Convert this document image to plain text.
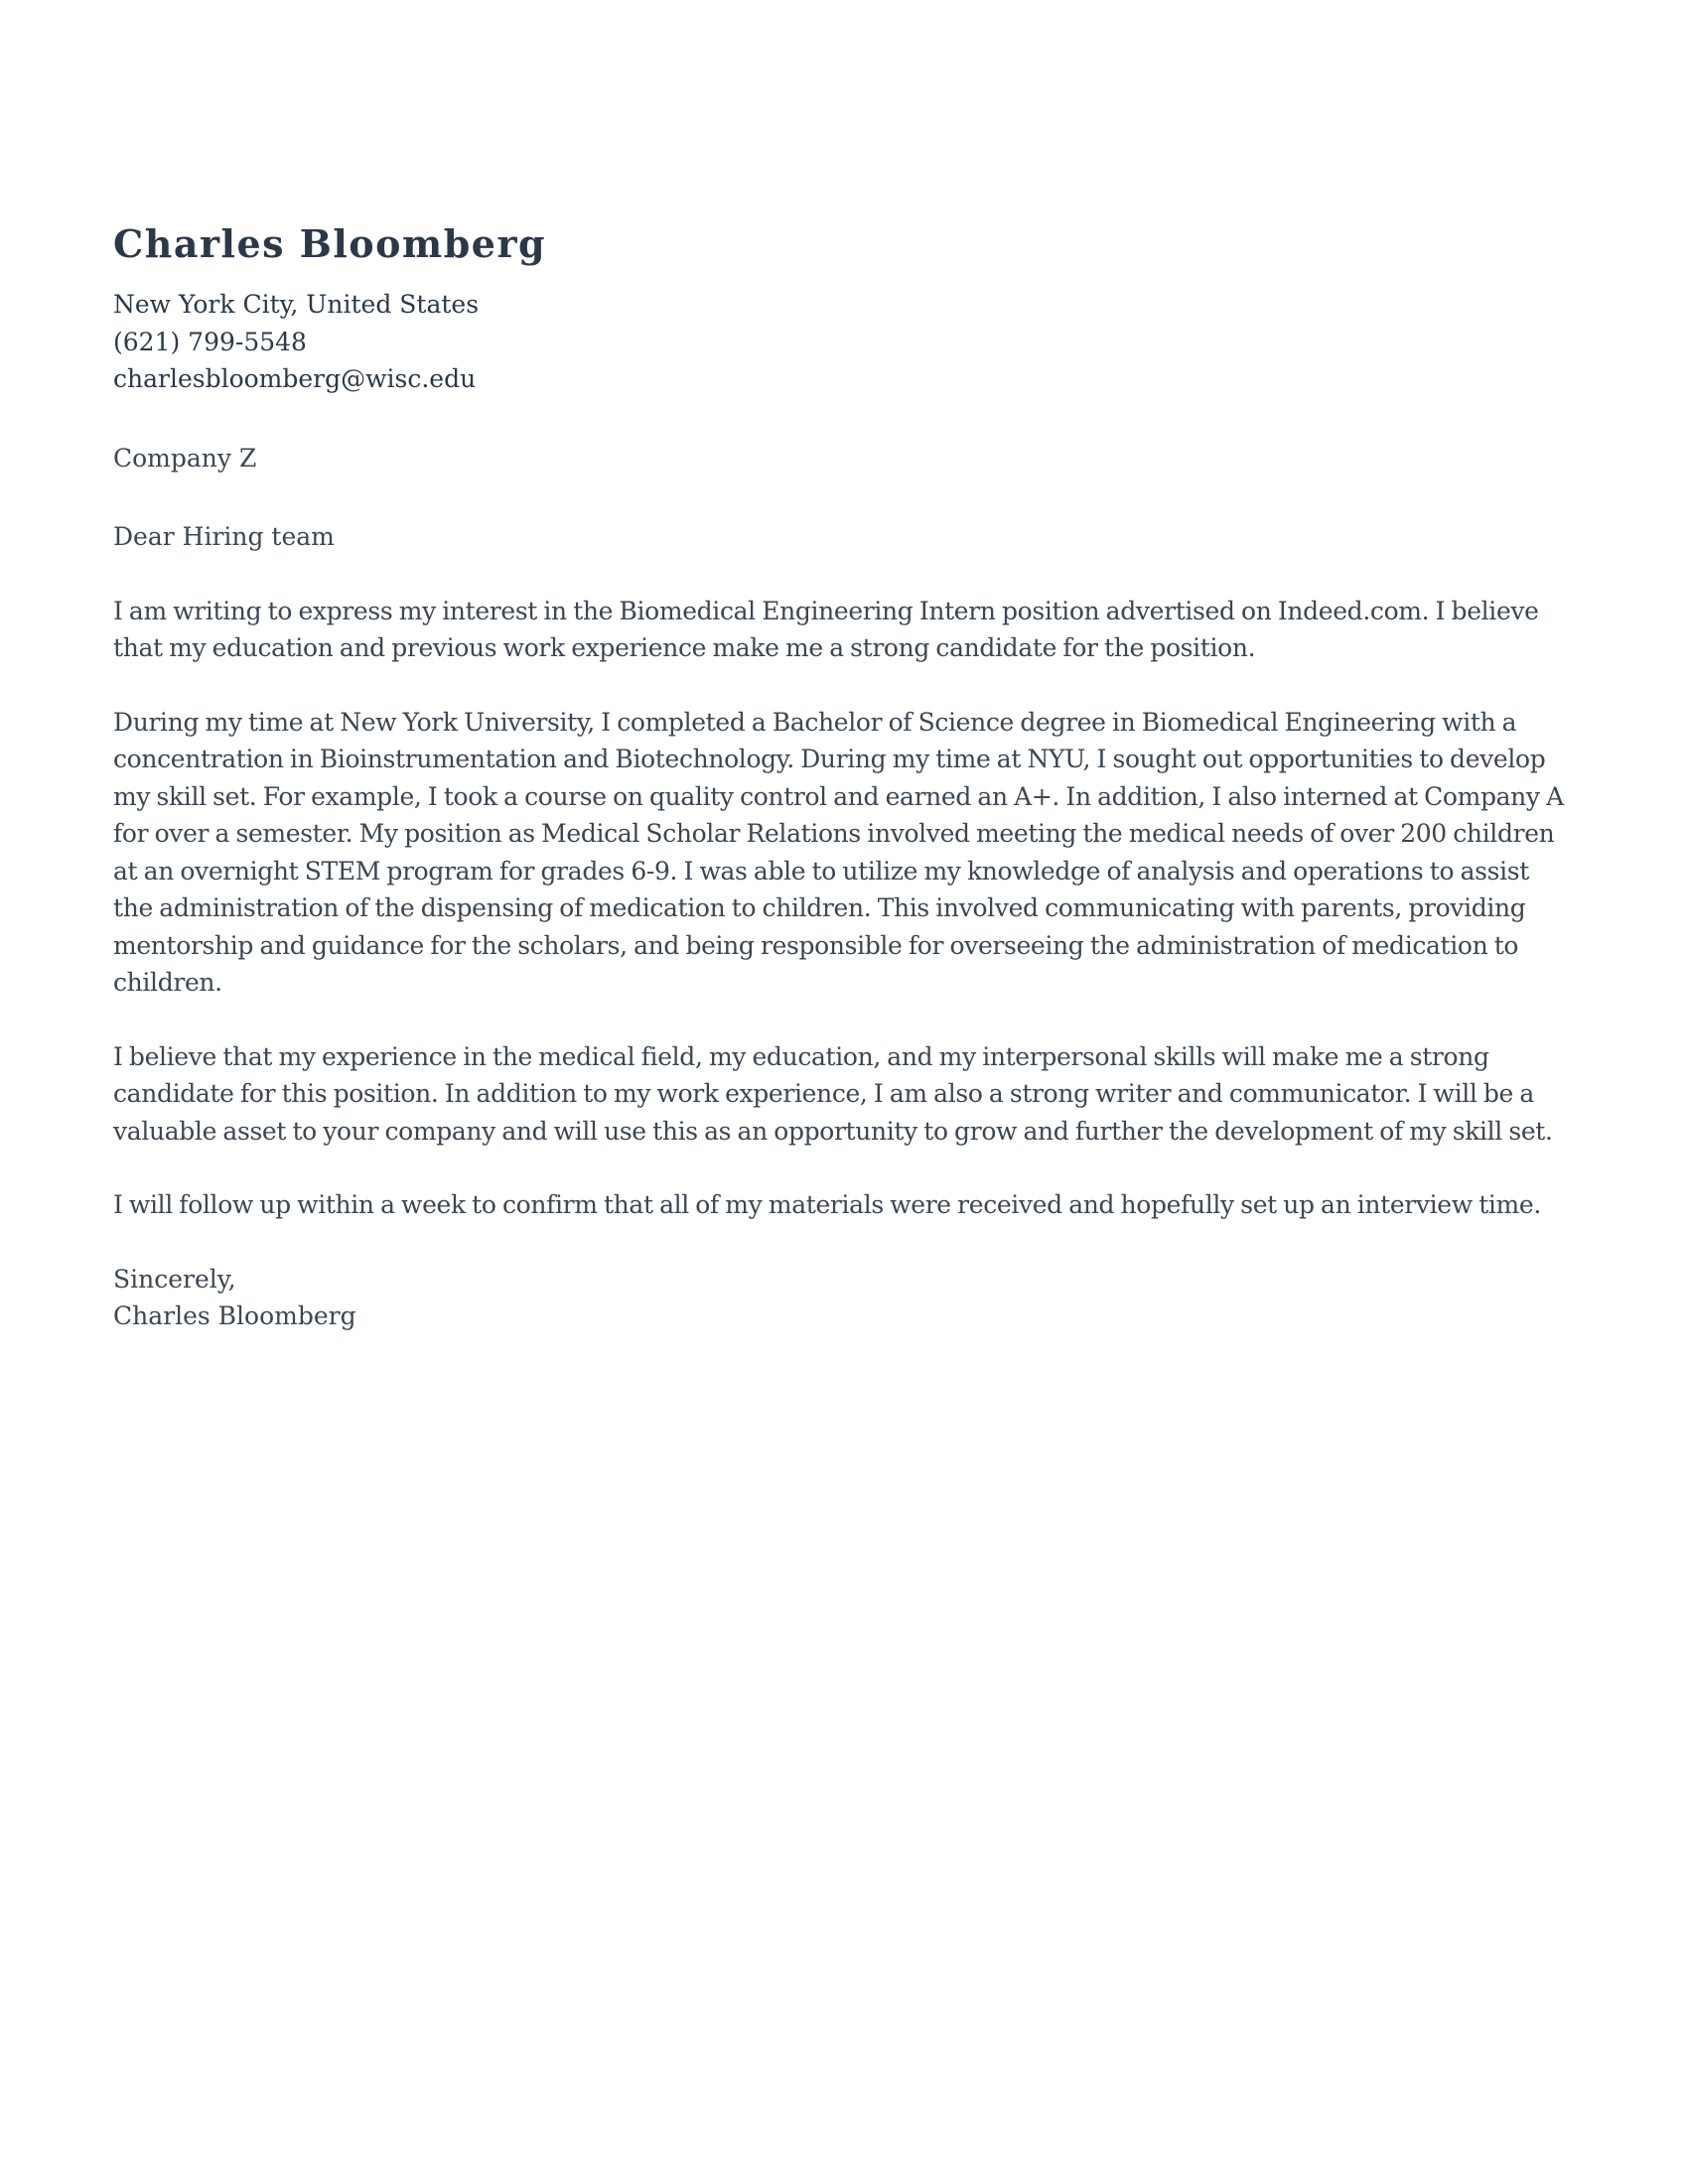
Charles Bloomberg

New York City, United States

(621) 799-5548

charlesbloomberg@wisc.edu

Company Z

Dear Hiring team

I am writing to express my interest in the Biomedical Engineering Intern position advertised on Indeed.com. I believe that my education and previous work experience make me a strong candidate for the position.

During my time at New York University, I completed a Bachelor of Science degree in Biomedical Engineering with a concentration in Bioinstrumentation and Biotechnology. During my time at NYU, I sought out opportunities to develop my skill set. For example, I took a course on quality control and earned an A+. In addition, I also interned at Company A for over a semester. My position as Medical Scholar Relations involved meeting the medical needs of over 200 children at an overnight STEM program for grades 6-9. I was able to utilize my knowledge of analysis and operations to assist the administration of the dispensing of medication to children. This involved communicating with parents, providing mentorship and guidance for the scholars, and being responsible for overseeing the administration of medication to children.

I believe that my experience in the medical field, my education, and my interpersonal skills will make me a strong candidate for this position. In addition to my work experience, I am also a strong writer and communicator. I will be a valuable asset to your company and will use this as an opportunity to grow and further the development of my skill set.

I will follow up within a week to confirm that all of my materials were received and hopefully set up an interview time.

Sincerely,

Charles Bloomberg
